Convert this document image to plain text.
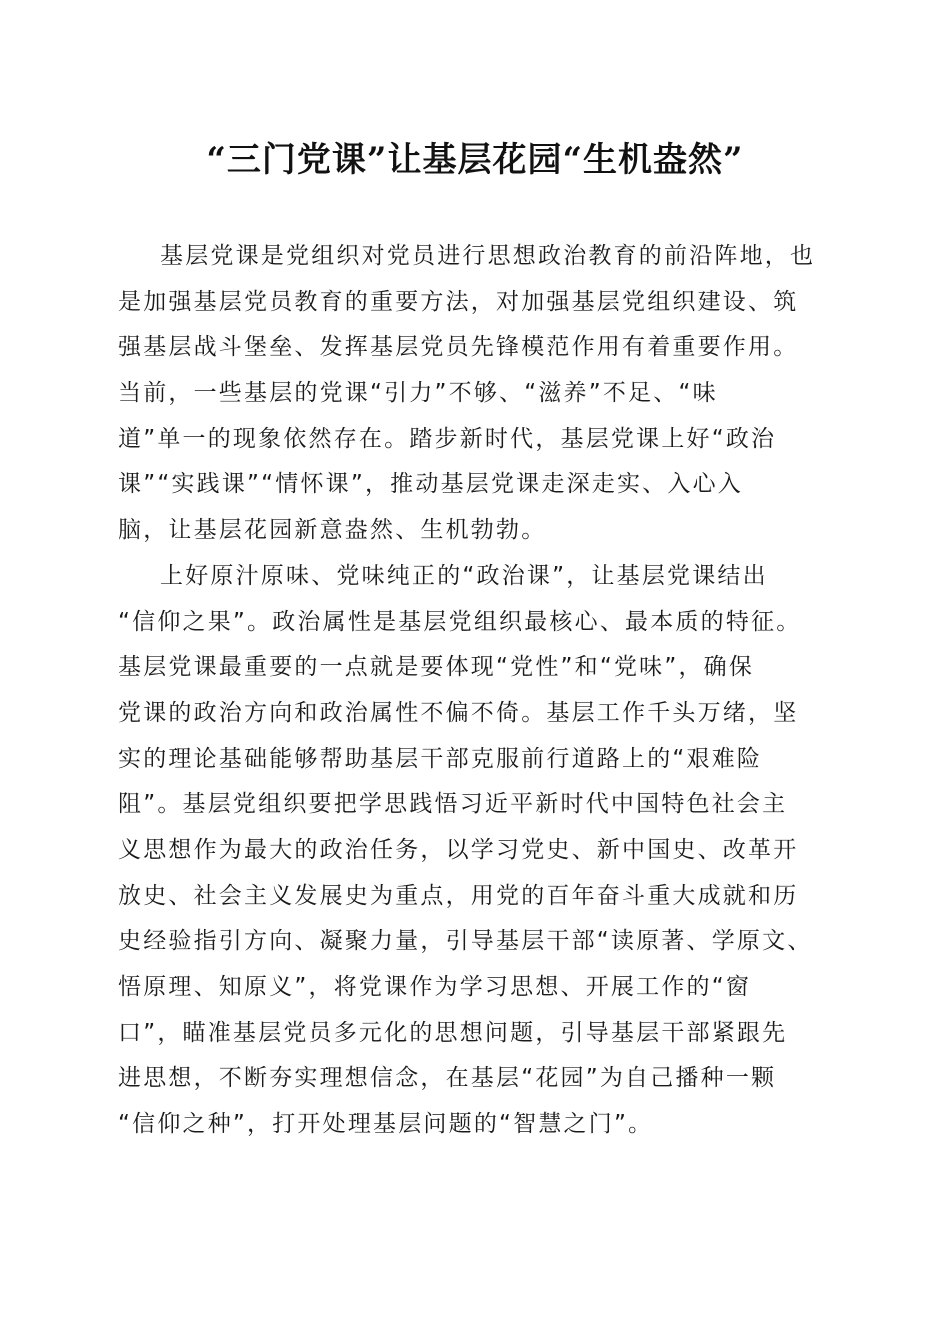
“三门党课”让基层花园“生机盎然”

基层党课是党组织对党员进行思想政治教育的前沿阵地，也
是加强基层党员教育的重要方法，对加强基层党组织建设、筑
强基层战斗堡垒、发挥基层党员先锋模范作用有着重要作用。
当前，一些基层的党课“引力”不够、“滋养”不足、“味
道”单一的现象依然存在。踏步新时代，基层党课上好“政治
课”“实践课”“情怀课”，推动基层党课走深走实、入心入
脑，让基层花园新意盎然、生机勃勃。

上好原汁原味、党味纯正的“政治课”，让基层党课结出
“信仰之果”。政治属性是基层党组织最核心、最本质的特征。
基层党课最重要的一点就是要体现“党性”和“党味”，确保
党课的政治方向和政治属性不偏不倚。基层工作千头万绪，坚
实的理论基础能够帮助基层干部克服前行道路上的“艰难险
阻”。基层党组织要把学思践悟习近平新时代中国特色社会主
义思想作为最大的政治任务，以学习党史、新中国史、改革开
放史、社会主义发展史为重点，用党的百年奋斗重大成就和历
史经验指引方向、凝聚力量，引导基层干部“读原著、学原文、
悟原理、知原义”，将党课作为学习思想、开展工作的“窗
口”，瞄准基层党员多元化的思想问题，引导基层干部紧跟先
进思想，不断夯实理想信念，在基层“花园”为自己播种一颗
“信仰之种”，打开处理基层问题的“智慧之门”。
